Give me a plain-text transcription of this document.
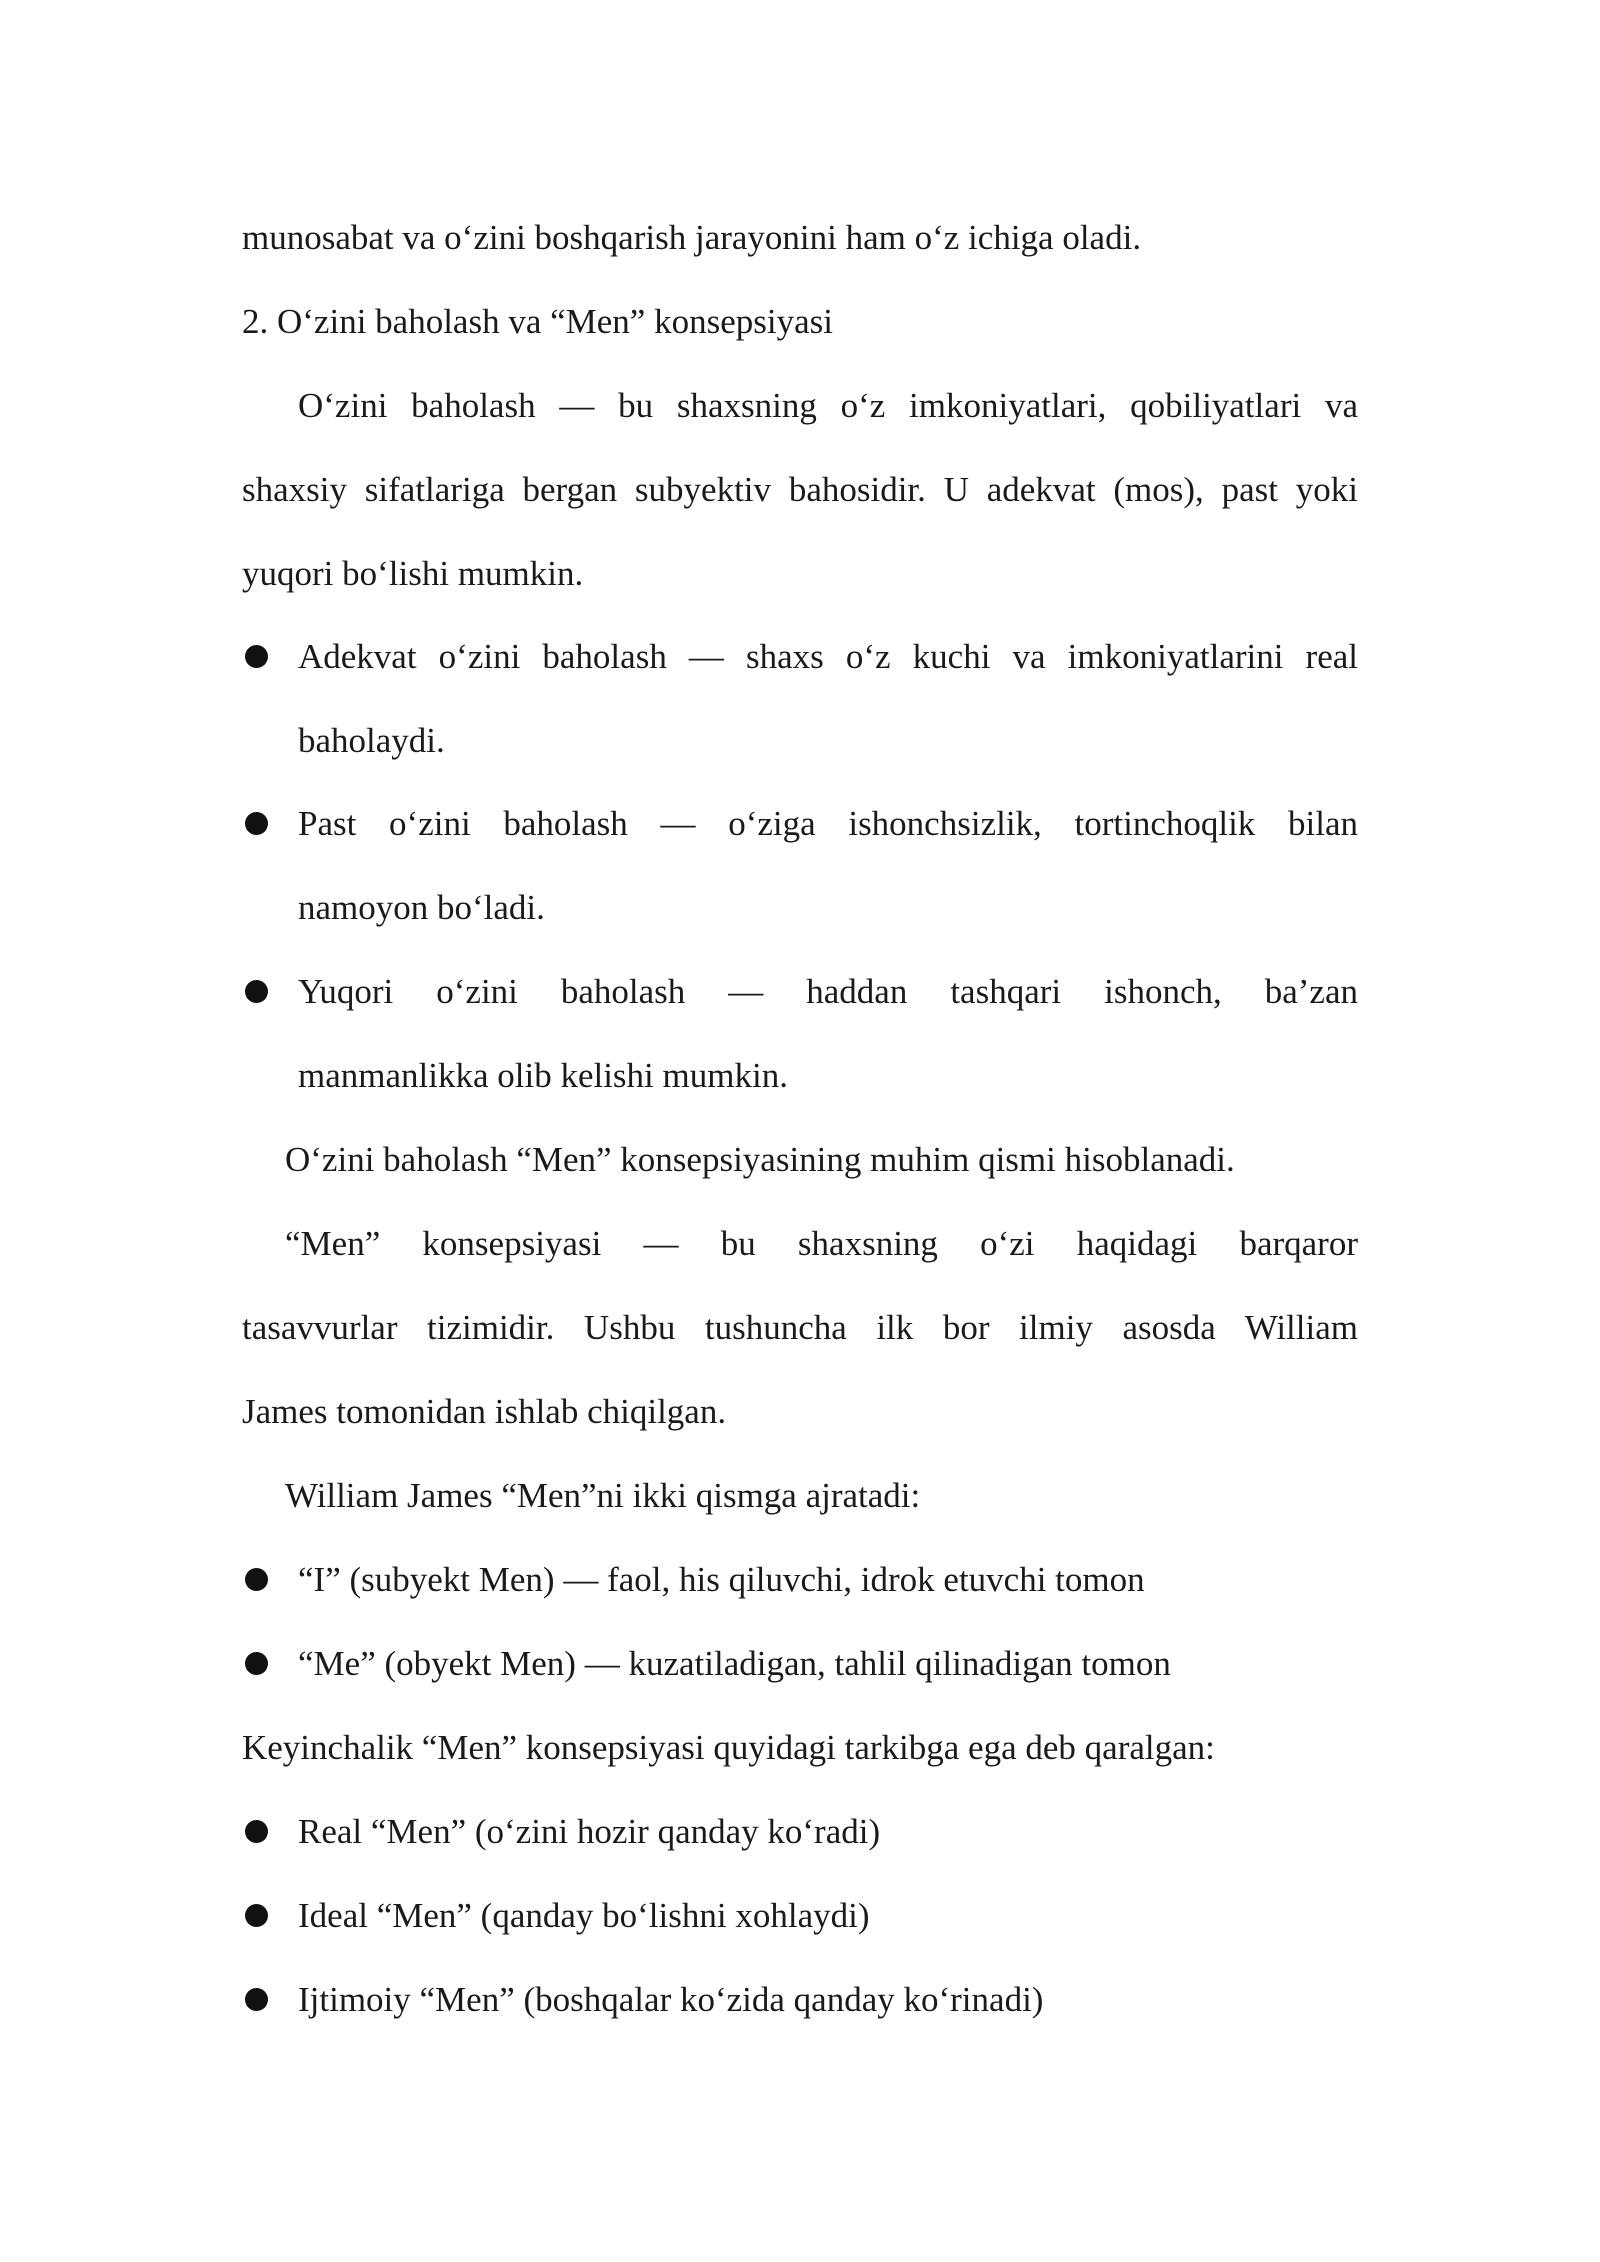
munosabat va o‘zini boshqarish jarayonini ham o‘z ichiga oladi.
2. O‘zini baholash va “Men” konsepsiyasi
O‘zini baholash — bu shaxsning o‘z imkoniyatlari, qobiliyatlari va
shaxsiy sifatlariga bergan subyektiv bahosidir. U adekvat (mos), past yoki
yuqori bo‘lishi mumkin.
Adekvat o‘zini baholash — shaxs o‘z kuchi va imkoniyatlarini real
baholaydi.
Past o‘zini baholash — o‘ziga ishonchsizlik, tortinchoqlik bilan
namoyon bo‘ladi.
Yuqori o‘zini baholash — haddan tashqari ishonch, ba’zan
manmanlikka olib kelishi mumkin.
O‘zini baholash “Men” konsepsiyasining muhim qismi hisoblanadi.
“Men” konsepsiyasi — bu shaxsning o‘zi haqidagi barqaror
tasavvurlar tizimidir. Ushbu tushuncha ilk bor ilmiy asosda William
James tomonidan ishlab chiqilgan.
William James “Men”ni ikki qismga ajratadi:
“I” (subyekt Men) — faol, his qiluvchi, idrok etuvchi tomon
“Me” (obyekt Men) — kuzatiladigan, tahlil qilinadigan tomon
Keyinchalik “Men” konsepsiyasi quyidagi tarkibga ega deb qaralgan:
Real “Men” (o‘zini hozir qanday ko‘radi)
Ideal “Men” (qanday bo‘lishni xohlaydi)
Ijtimoiy “Men” (boshqalar ko‘zida qanday ko‘rinadi)
